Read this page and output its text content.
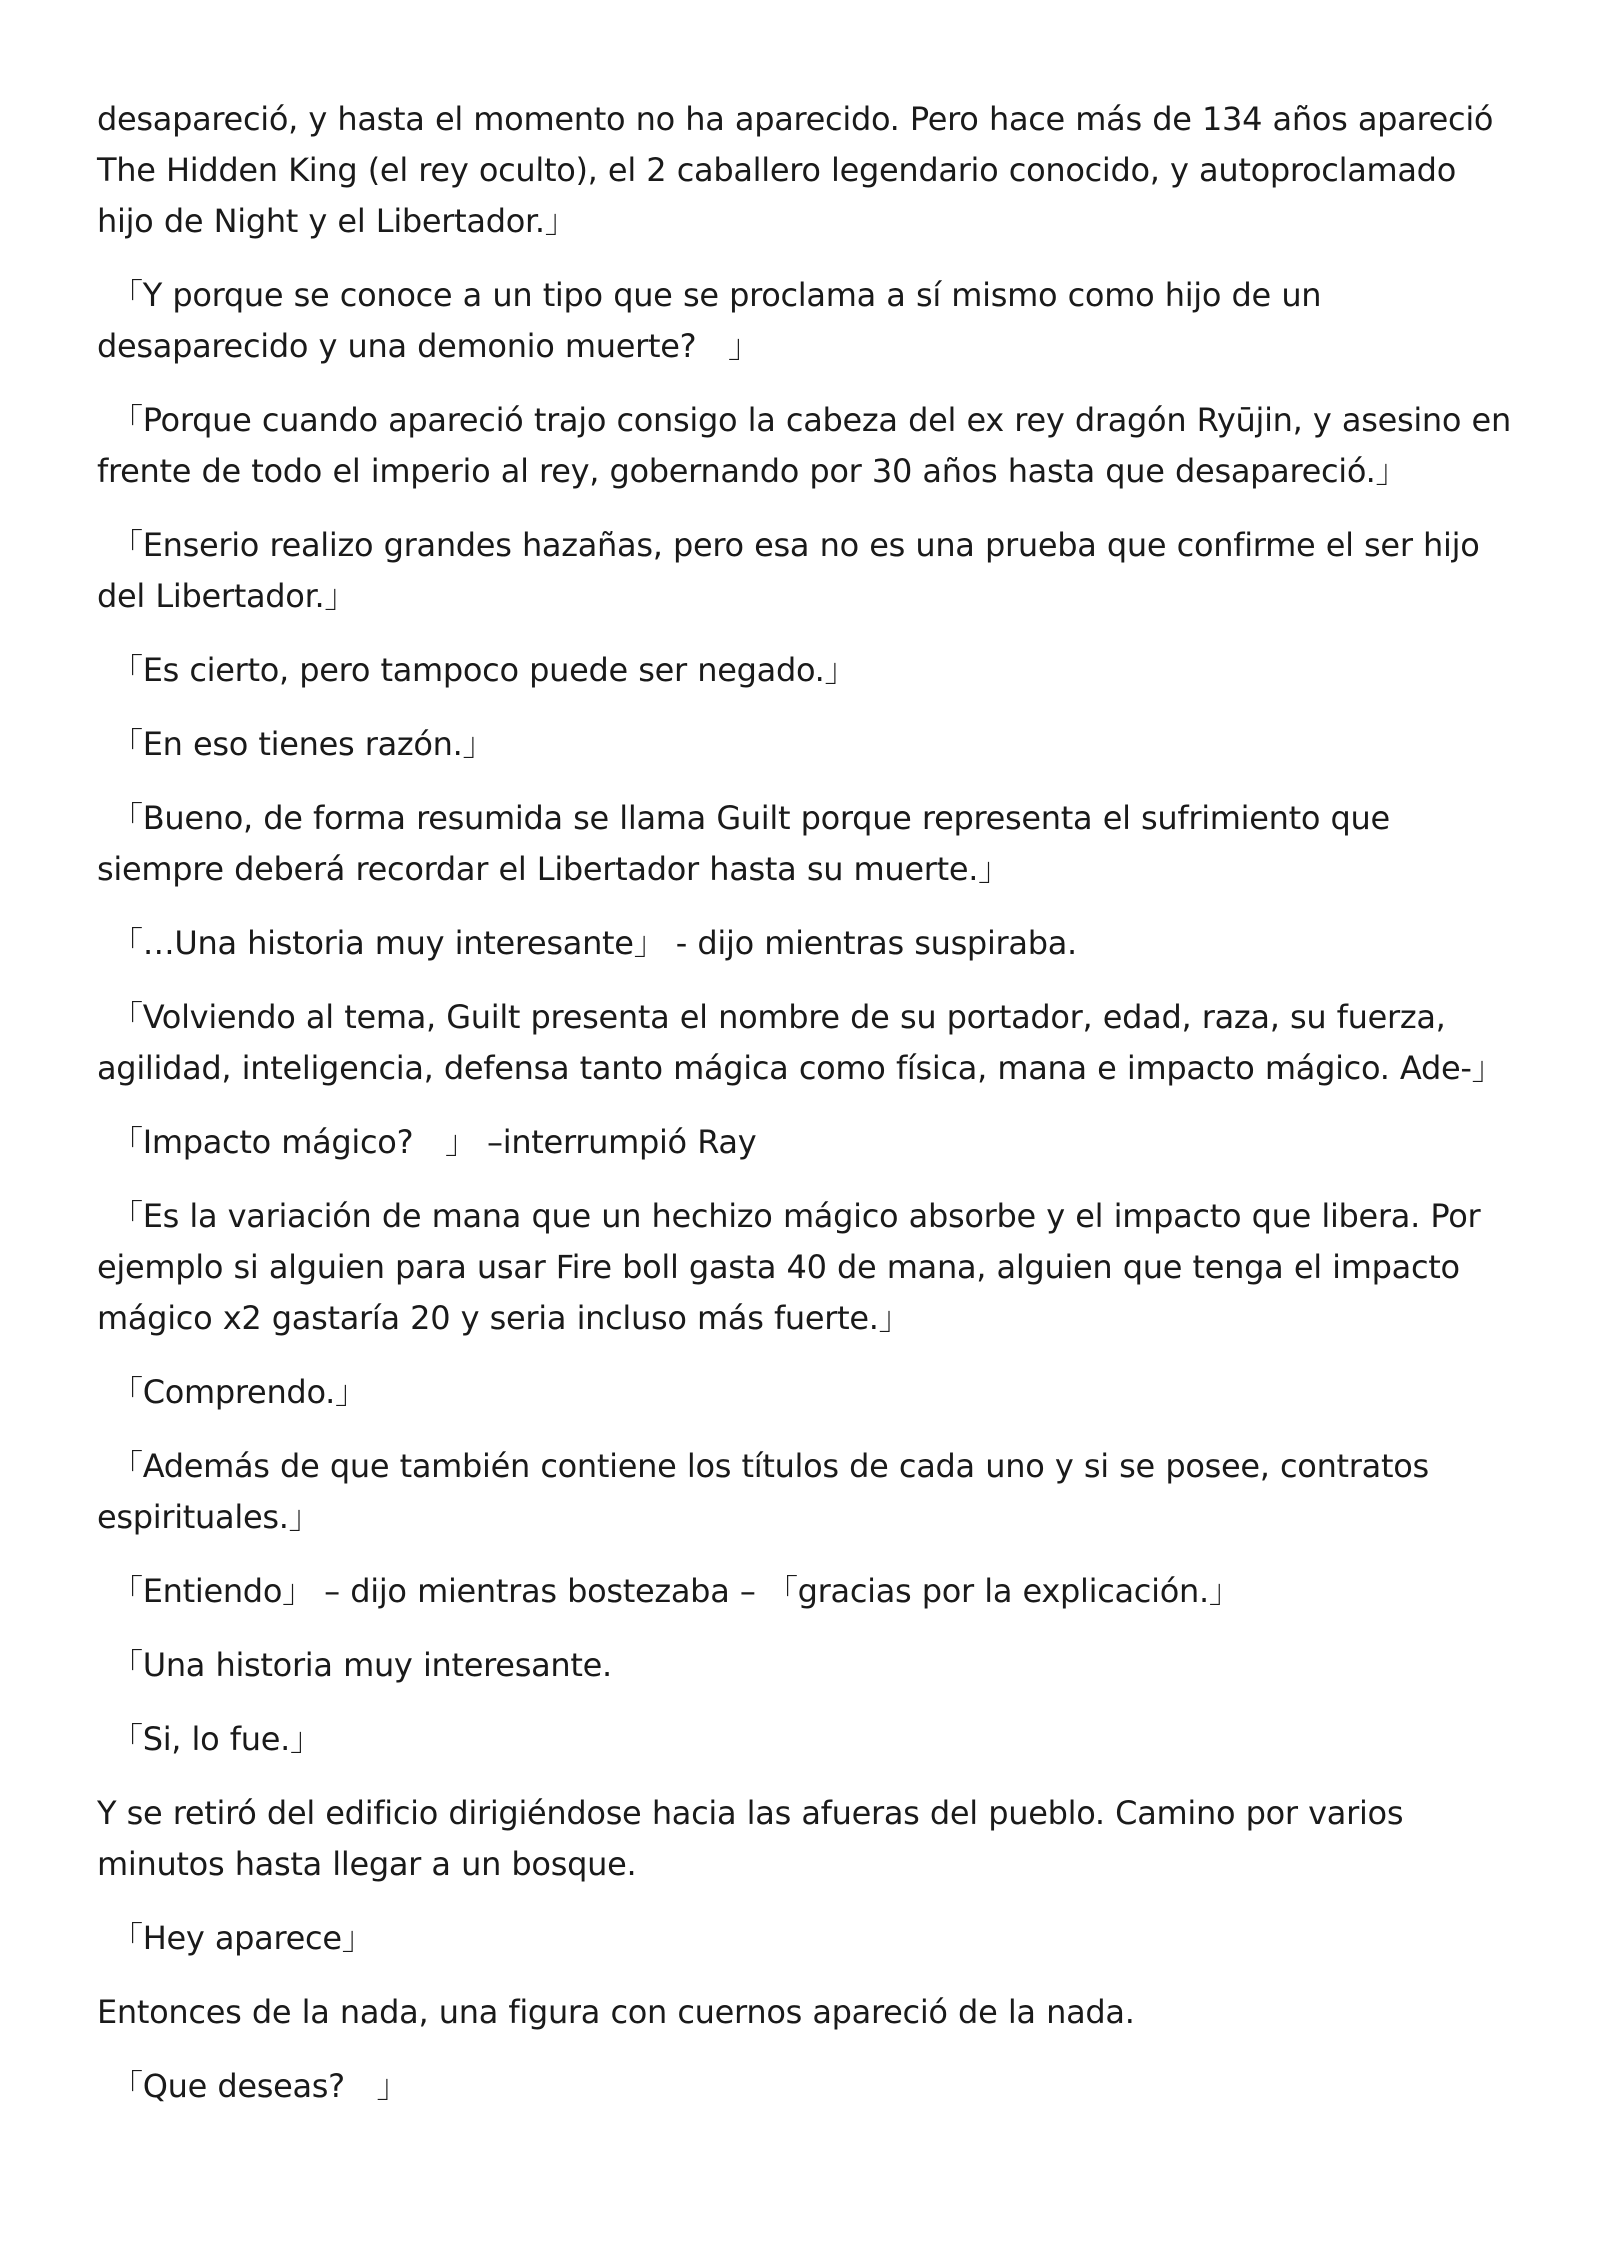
desapareció, y hasta el momento no ha aparecido. Pero hace más de 134 años apareció The Hidden King (el rey oculto), el 2 caballero legendario conocido, y autoproclamado hijo de Night y el Libertador.」

「Y porque se conoce a un tipo que se proclama a sí mismo como hijo de un desaparecido y una demonio muerte?　」

「Porque cuando apareció trajo consigo la cabeza del ex rey dragón Ryūjin, y asesino en frente de todo el imperio al rey, gobernando por 30 años hasta que desapareció.」

「Enserio realizo grandes hazañas, pero esa no es una prueba que confirme el ser hijo del Libertador.」

「Es cierto, pero tampoco puede ser negado.」

「En eso tienes razón.」

「Bueno, de forma resumida se llama Guilt porque representa el sufrimiento que siempre deberá recordar el Libertador hasta su muerte.」

「…Una historia muy interesante」 - dijo mientras suspiraba.

「Volviendo al tema, Guilt presenta el nombre de su portador, edad, raza, su fuerza, agilidad, inteligencia, defensa tanto mágica como física, mana e impacto mágico. Ade-」

「Impacto mágico?　」 –interrumpió Ray

「Es la variación de mana que un hechizo mágico absorbe y el impacto que libera. Por ejemplo si alguien para usar Fire boll gasta 40 de mana, alguien que tenga el impacto mágico x2 gastaría 20 y seria incluso más fuerte.」

「Comprendo.」

「Además de que también contiene los títulos de cada uno y si se posee, contratos espirituales.」

「Entiendo」 – dijo mientras bostezaba – 「gracias por la explicación.」

「Una historia muy interesante.

「Si, lo fue.」

Y se retiró del edificio dirigiéndose hacia las afueras del pueblo. Camino por varios minutos hasta llegar a un bosque.

「Hey aparece」

Entonces de la nada, una figura con cuernos apareció de la nada.

「Que deseas?　」
